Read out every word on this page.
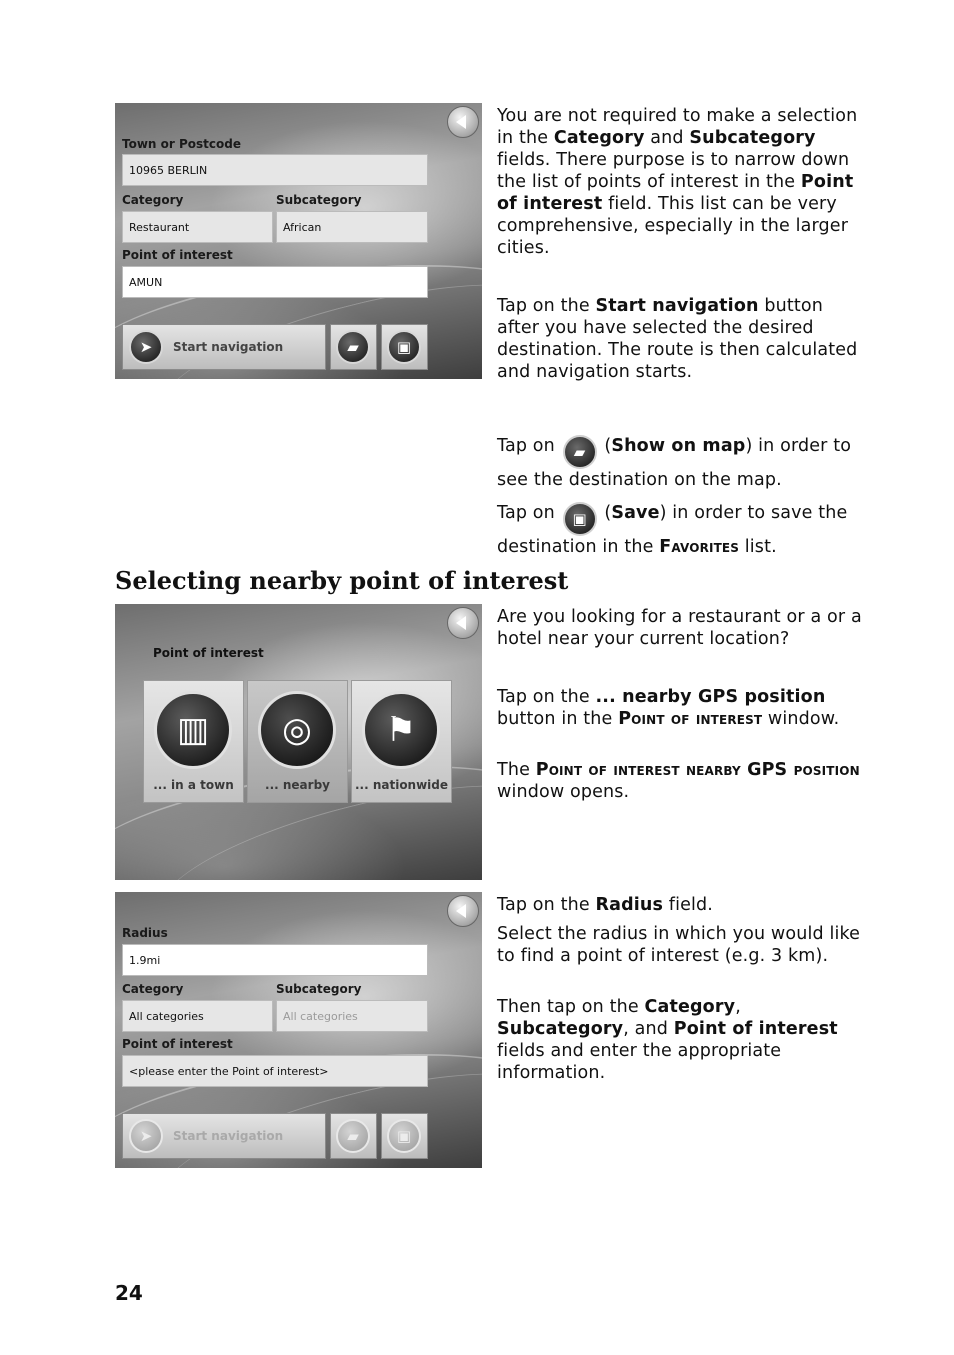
Town or Postcode
10965 BERLIN
Category	Subcategory
Restaurant	African
Point of interest
AMUN
➤	Start navigation	▰	▣
You are not required to make a selection in the Category and Subcategory fields. There purpose is to narrow down the list of points of interest in the Point of interest field. This list can be very comprehensive, especially in the larger cities.
Tap on the Start navigation button after you have selected the desired destination. The route is then calculated and navigation starts.
Tap on ▰ (Show on map) in order to see the destination on the map.
Tap on ▣ (Save) in order to save the destination in the Favorites list.
Selecting nearby point of interest
Point of interest
▥
... in a town
◎
... nearby
⚑
... nationwide
Are you looking for a restaurant or a or a hotel near your current location?
Tap on the ... nearby GPS position button in the Point of interest window.
The Point of interest nearby GPS position window opens.
Radius
1.9mi
Category	Subcategory
All categories	All categories
Point of interest
<please enter the Point of interest>
➤	Start navigation	▰	▣
Tap on the Radius field.
Select the radius in which you would like to find a point of interest (e.g. 3 km).
Then tap on the Category, Subcategory, and Point of interest fields and enter the appropriate information.
24
